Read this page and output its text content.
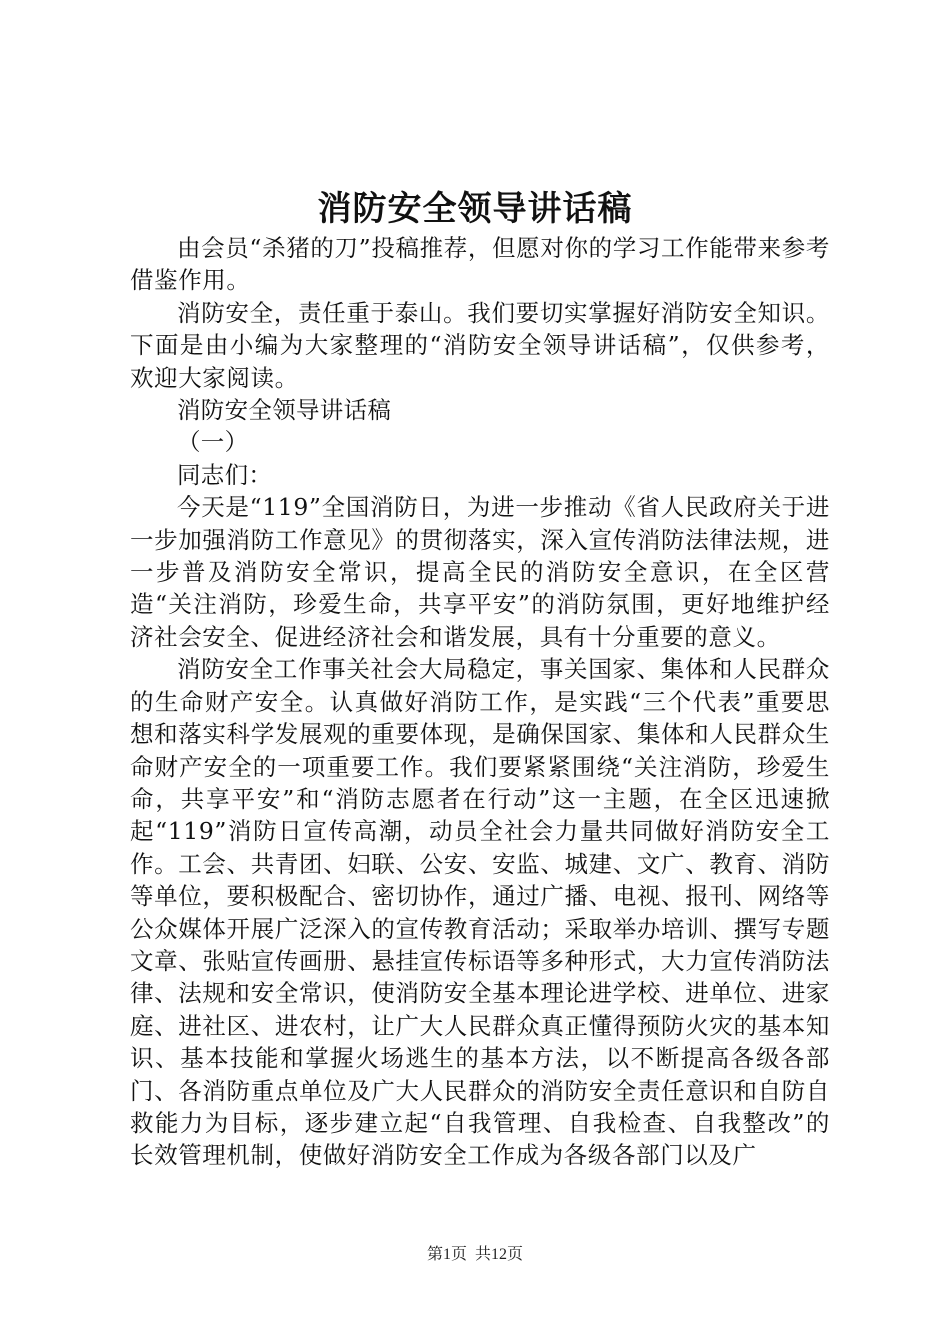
消防安全领导讲话稿

由会员“杀猪的刀”投稿推荐，但愿对你的学习工作能带来参考借鉴作用。

消防安全，责任重于泰山。我们要切实掌握好消防安全知识。下面是由小编为大家整理的“消防安全领导讲话稿”，仅供参考，欢迎大家阅读。

消防安全领导讲话稿

（一）

同志们：

今天是“119”全国消防日，为进一步推动《省人民政府关于进一步加强消防工作意见》的贯彻落实，深入宣传消防法律法规，进一步普及消防安全常识，提高全民的消防安全意识，在全区营造“关注消防，珍爱生命，共享平安”的消防氛围，更好地维护经济社会安全、促进经济社会和谐发展，具有十分重要的意义。

消防安全工作事关社会大局稳定，事关国家、集体和人民群众的生命财产安全。认真做好消防工作，是实践“三个代表”重要思想和落实科学发展观的重要体现，是确保国家、集体和人民群众生命财产安全的一项重要工作。我们要紧紧围绕“关注消防，珍爱生命，共享平安”和“消防志愿者在行动”这一主题，在全区迅速掀起“119”消防日宣传高潮，动员全社会力量共同做好消防安全工作。工会、共青团、妇联、公安、安监、城建、文广、教育、消防等单位，要积极配合、密切协作，通过广播、电视、报刊、网络等公众媒体开展广泛深入的宣传教育活动；采取举办培训、撰写专题文章、张贴宣传画册、悬挂宣传标语等多种形式，大力宣传消防法律、法规和安全常识，使消防安全基本理论进学校、进单位、进家庭、进社区、进农村，让广大人民群众真正懂得预防火灾的基本知识、基本技能和掌握火场逃生的基本方法，以不断提高各级各部门、各消防重点单位及广大人民群众的消防安全责任意识和自防自救能力为目标，逐步建立起“自我管理、自我检查、自我整改”的长效管理机制，使做好消防安全工作成为各级各部门以及广

第1页 共12页
